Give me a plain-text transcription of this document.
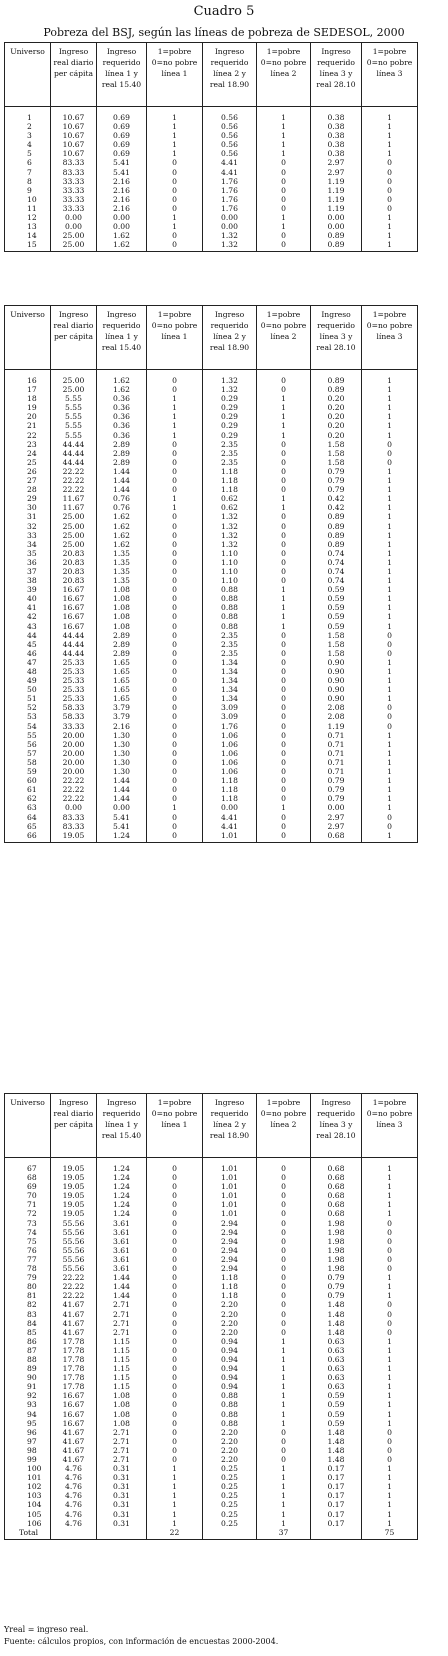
Cuadro 5
Pobreza del BSJ, según las líneas de pobreza de SEDESOL, 2000
Universo	Ingreso real diario per cápita	Ingreso requerido línea 1 y real 15.40	1=pobre 0=no pobre línea 1	Ingreso requerido línea 2 y real 18.90	1=pobre 0=no pobre línea 2	Ingreso requerido línea 3 y real 28.10	1=pobre 0=no pobre línea 3

1	10.67	0.69	1	0.56	1	0.38	1
2	10.67	0.69	1	0.56	1	0.38	1
3	10.67	0.69	1	0.56	1	0.38	1
4	10.67	0.69	1	0.56	1	0.38	1
5	10.67	0.69	1	0.56	1	0.38	1
6	83.33	5.41	0	4.41	0	2.97	0
7	83.33	5.41	0	4.41	0	2.97	0
8	33.33	2.16	0	1.76	0	1.19	0
9	33.33	2.16	0	1.76	0	1.19	0
10	33.33	2.16	0	1.76	0	1.19	0
11	33.33	2.16	0	1.76	0	1.19	0
12	0.00	0.00	1	0.00	1	0.00	1
13	0.00	0.00	1	0.00	1	0.00	1
14	25.00	1.62	0	1.32	0	0.89	1
15	25.00	1.62	0	1.32	0	0.89	1
Universo	Ingreso real diario per cápita	Ingreso requerido línea 1 y real 15.40	1=pobre 0=no pobre línea 1	Ingreso requerido línea 2 y real 18.90	1=pobre 0=no pobre línea 2	Ingreso requerido línea 3 y real 28.10	1=pobre 0=no pobre línea 3

16	25.00	1.62	0	1.32	0	0.89	1
17	25.00	1.62	0	1.32	0	0.89	1
18	5.55	0.36	1	0.29	1	0.20	1
19	5.55	0.36	1	0.29	1	0.20	1
20	5.55	0.36	1	0.29	1	0.20	1
21	5.55	0.36	1	0.29	1	0.20	1
22	5.55	0.36	1	0.29	1	0.20	1
23	44.44	2.89	0	2.35	0	1.58	0
24	44.44	2.89	0	2.35	0	1.58	0
25	44.44	2.89	0	2.35	0	1.58	0
26	22.22	1.44	0	1.18	0	0.79	1
27	22.22	1.44	0	1.18	0	0.79	1
28	22.22	1.44	0	1.18	0	0.79	1
29	11.67	0.76	1	0.62	1	0.42	1
30	11.67	0.76	1	0.62	1	0.42	1
31	25.00	1.62	0	1.32	0	0.89	1
32	25.00	1.62	0	1.32	0	0.89	1
33	25.00	1.62	0	1.32	0	0.89	1
34	25.00	1.62	0	1.32	0	0.89	1
35	20.83	1.35	0	1.10	0	0.74	1
36	20.83	1.35	0	1.10	0	0.74	1
37	20.83	1.35	0	1.10	0	0.74	1
38	20.83	1.35	0	1.10	0	0.74	1
39	16.67	1.08	0	0.88	1	0.59	1
40	16.67	1.08	0	0.88	1	0.59	1
41	16.67	1.08	0	0.88	1	0.59	1
42	16.67	1.08	0	0.88	1	0.59	1
43	16.67	1.08	0	0.88	1	0.59	1
44	44.44	2.89	0	2.35	0	1.58	0
45	44.44	2.89	0	2.35	0	1.58	0
46	44.44	2.89	0	2.35	0	1.58	0
47	25.33	1.65	0	1.34	0	0.90	1
48	25.33	1.65	0	1.34	0	0.90	1
49	25.33	1.65	0	1.34	0	0.90	1
50	25.33	1.65	0	1.34	0	0.90	1
51	25.33	1.65	0	1.34	0	0.90	1
52	58.33	3.79	0	3.09	0	2.08	0
53	58.33	3.79	0	3.09	0	2.08	0
54	33.33	2.16	0	1.76	0	1.19	0
55	20.00	1.30	0	1.06	0	0.71	1
56	20.00	1.30	0	1.06	0	0.71	1
57	20.00	1.30	0	1.06	0	0.71	1
58	20.00	1.30	0	1.06	0	0.71	1
59	20.00	1.30	0	1.06	0	0.71	1
60	22.22	1.44	0	1.18	0	0.79	1
61	22.22	1.44	0	1.18	0	0.79	1
62	22.22	1.44	0	1.18	0	0.79	1
63	0.00	0.00	1	0.00	1	0.00	1
64	83.33	5.41	0	4.41	0	2.97	0
65	83.33	5.41	0	4.41	0	2.97	0
66	19.05	1.24	0	1.01	0	0.68	1
Universo	Ingreso real diario per cápita	Ingreso requerido línea 1 y real 15.40	1=pobre 0=no pobre línea 1	Ingreso requerido línea 2 y real 18.90	1=pobre 0=no pobre línea 2	Ingreso requerido línea 3 y real 28.10	1=pobre 0=no pobre línea 3

67	19.05	1.24	0	1.01	0	0.68	1
68	19.05	1.24	0	1.01	0	0.68	1
69	19.05	1.24	0	1.01	0	0.68	1
70	19.05	1.24	0	1.01	0	0.68	1
71	19.05	1.24	0	1.01	0	0.68	1
72	19.05	1.24	0	1.01	0	0.68	1
73	55.56	3.61	0	2.94	0	1.98	0
74	55.56	3.61	0	2.94	0	1.98	0
75	55.56	3.61	0	2.94	0	1.98	0
76	55.56	3.61	0	2.94	0	1.98	0
77	55.56	3.61	0	2.94	0	1.98	0
78	55.56	3.61	0	2.94	0	1.98	0
79	22.22	1.44	0	1.18	0	0.79	1
80	22.22	1.44	0	1.18	0	0.79	1
81	22.22	1.44	0	1.18	0	0.79	1
82	41.67	2.71	0	2.20	0	1.48	0
83	41.67	2.71	0	2.20	0	1.48	0
84	41.67	2.71	0	2.20	0	1.48	0
85	41.67	2.71	0	2.20	0	1.48	0
86	17.78	1.15	0	0.94	1	0.63	1
87	17.78	1.15	0	0.94	1	0.63	1
88	17.78	1.15	0	0.94	1	0.63	1
89	17.78	1.15	0	0.94	1	0.63	1
90	17.78	1.15	0	0.94	1	0.63	1
91	17.78	1.15	0	0.94	1	0.63	1
92	16.67	1.08	0	0.88	1	0.59	1
93	16.67	1.08	0	0.88	1	0.59	1
94	16.67	1.08	0	0.88	1	0.59	1
95	16.67	1.08	0	0.88	1	0.59	1
96	41.67	2.71	0	2.20	0	1.48	0
97	41.67	2.71	0	2.20	0	1.48	0
98	41.67	2.71	0	2.20	0	1.48	0
99	41.67	2.71	0	2.20	0	1.48	0
100	4.76	0.31	1	0.25	1	0.17	1
101	4.76	0.31	1	0.25	1	0.17	1
102	4.76	0.31	1	0.25	1	0.17	1
103	4.76	0.31	1	0.25	1	0.17	1
104	4.76	0.31	1	0.25	1	0.17	1
105	4.76	0.31	1	0.25	1	0.17	1
106	4.76	0.31	1	0.25	1	0.17	1
Total			22		37		75
Yreal = ingreso real.
Fuente: cálculos propios, con información de encuestas 2000-2004.
